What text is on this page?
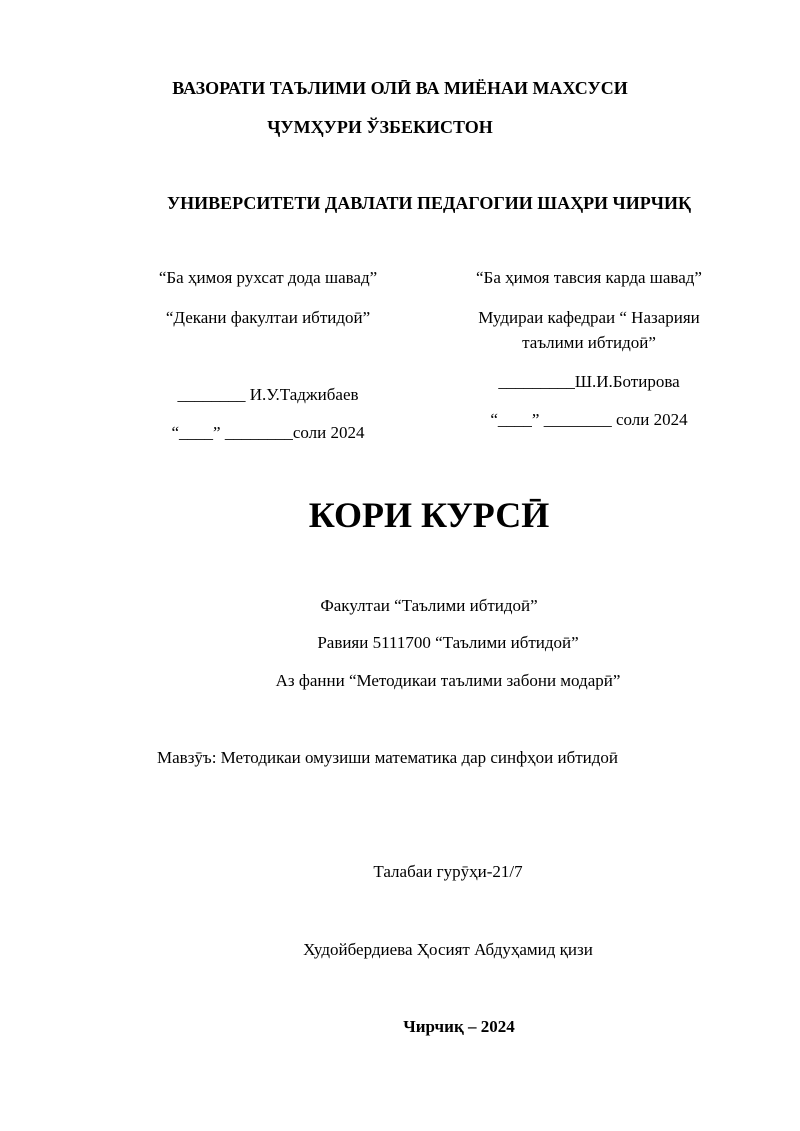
ВАЗОРАТИ ТАЪЛИМИ ОЛӢ ВА МИЁНАИ МАХСУСИ
ҶУМҲУРИ ЎЗБЕКИСТОН
УНИВЕРСИТЕТИ ДАВЛАТИ ПЕДАГОГИИ ШАҲРИ ЧИРЧИҚ
“Ба ҳимоя рухсат дода шавад”
“Декани факултаи ибтидоӣ”
________ И.У.Таджибаев
“____” ________соли 2024
“Ба ҳимоя тавсия карда шавад”
Мудираи кафедраи “ Назарияи
таълими ибтидоӣ”
_________Ш.И.Ботирова
“____” ________ соли 2024
КОРИ КУРСӢ
Факултаи “Таълими ибтидоӣ”
Равияи 5111700 “Таълими ибтидоӣ”
Аз фанни “Методикаи таълими забони модарӣ”
Мавзӯъ: Методикаи омузиши математика дар синфҳои ибтидоӣ
Талабаи гурӯҳи-21/7
Худойбердиева Ҳосият Абдуҳамид қизи
Чирчиқ – 2024
